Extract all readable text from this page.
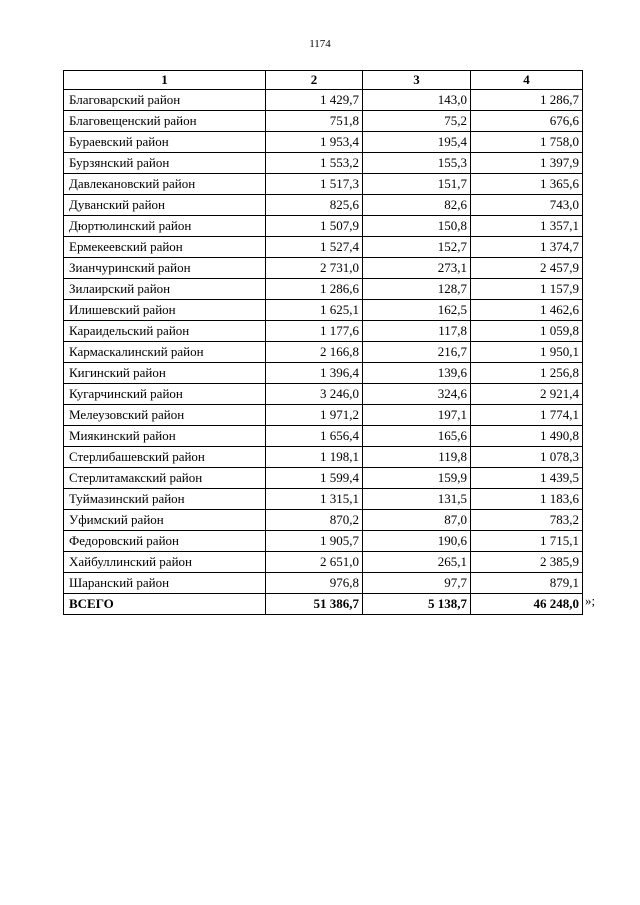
1174
1	2	3	4
Благоварский район	1 429,7	143,0	1 286,7
Благовещенский район	751,8	75,2	676,6
Бураевский район	1 953,4	195,4	1 758,0
Бурзянский район	1 553,2	155,3	1 397,9
Давлекановский район	1 517,3	151,7	1 365,6
Дуванский район	825,6	82,6	743,0
Дюртюлинский район	1 507,9	150,8	1 357,1
Ермекеевский район	1 527,4	152,7	1 374,7
Зианчуринский район	2 731,0	273,1	2 457,9
Зилаирский район	1 286,6	128,7	1 157,9
Илишевский район	1 625,1	162,5	1 462,6
Караидельский район	1 177,6	117,8	1 059,8
Кармаскалинский район	2 166,8	216,7	1 950,1
Кигинский район	1 396,4	139,6	1 256,8
Кугарчинский район	3 246,0	324,6	2 921,4
Мелеузовский район	1 971,2	197,1	1 774,1
Миякинский район	1 656,4	165,6	1 490,8
Стерлибашевский район	1 198,1	119,8	1 078,3
Стерлитамакский район	1 599,4	159,9	1 439,5
Туймазинский район	1 315,1	131,5	1 183,6
Уфимский район	870,2	87,0	783,2
Федоровский район	1 905,7	190,6	1 715,1
Хайбуллинский район	2 651,0	265,1	2 385,9
Шаранский район	976,8	97,7	879,1
ВСЕГО	51 386,7	5 138,7	46 248,0 »;
